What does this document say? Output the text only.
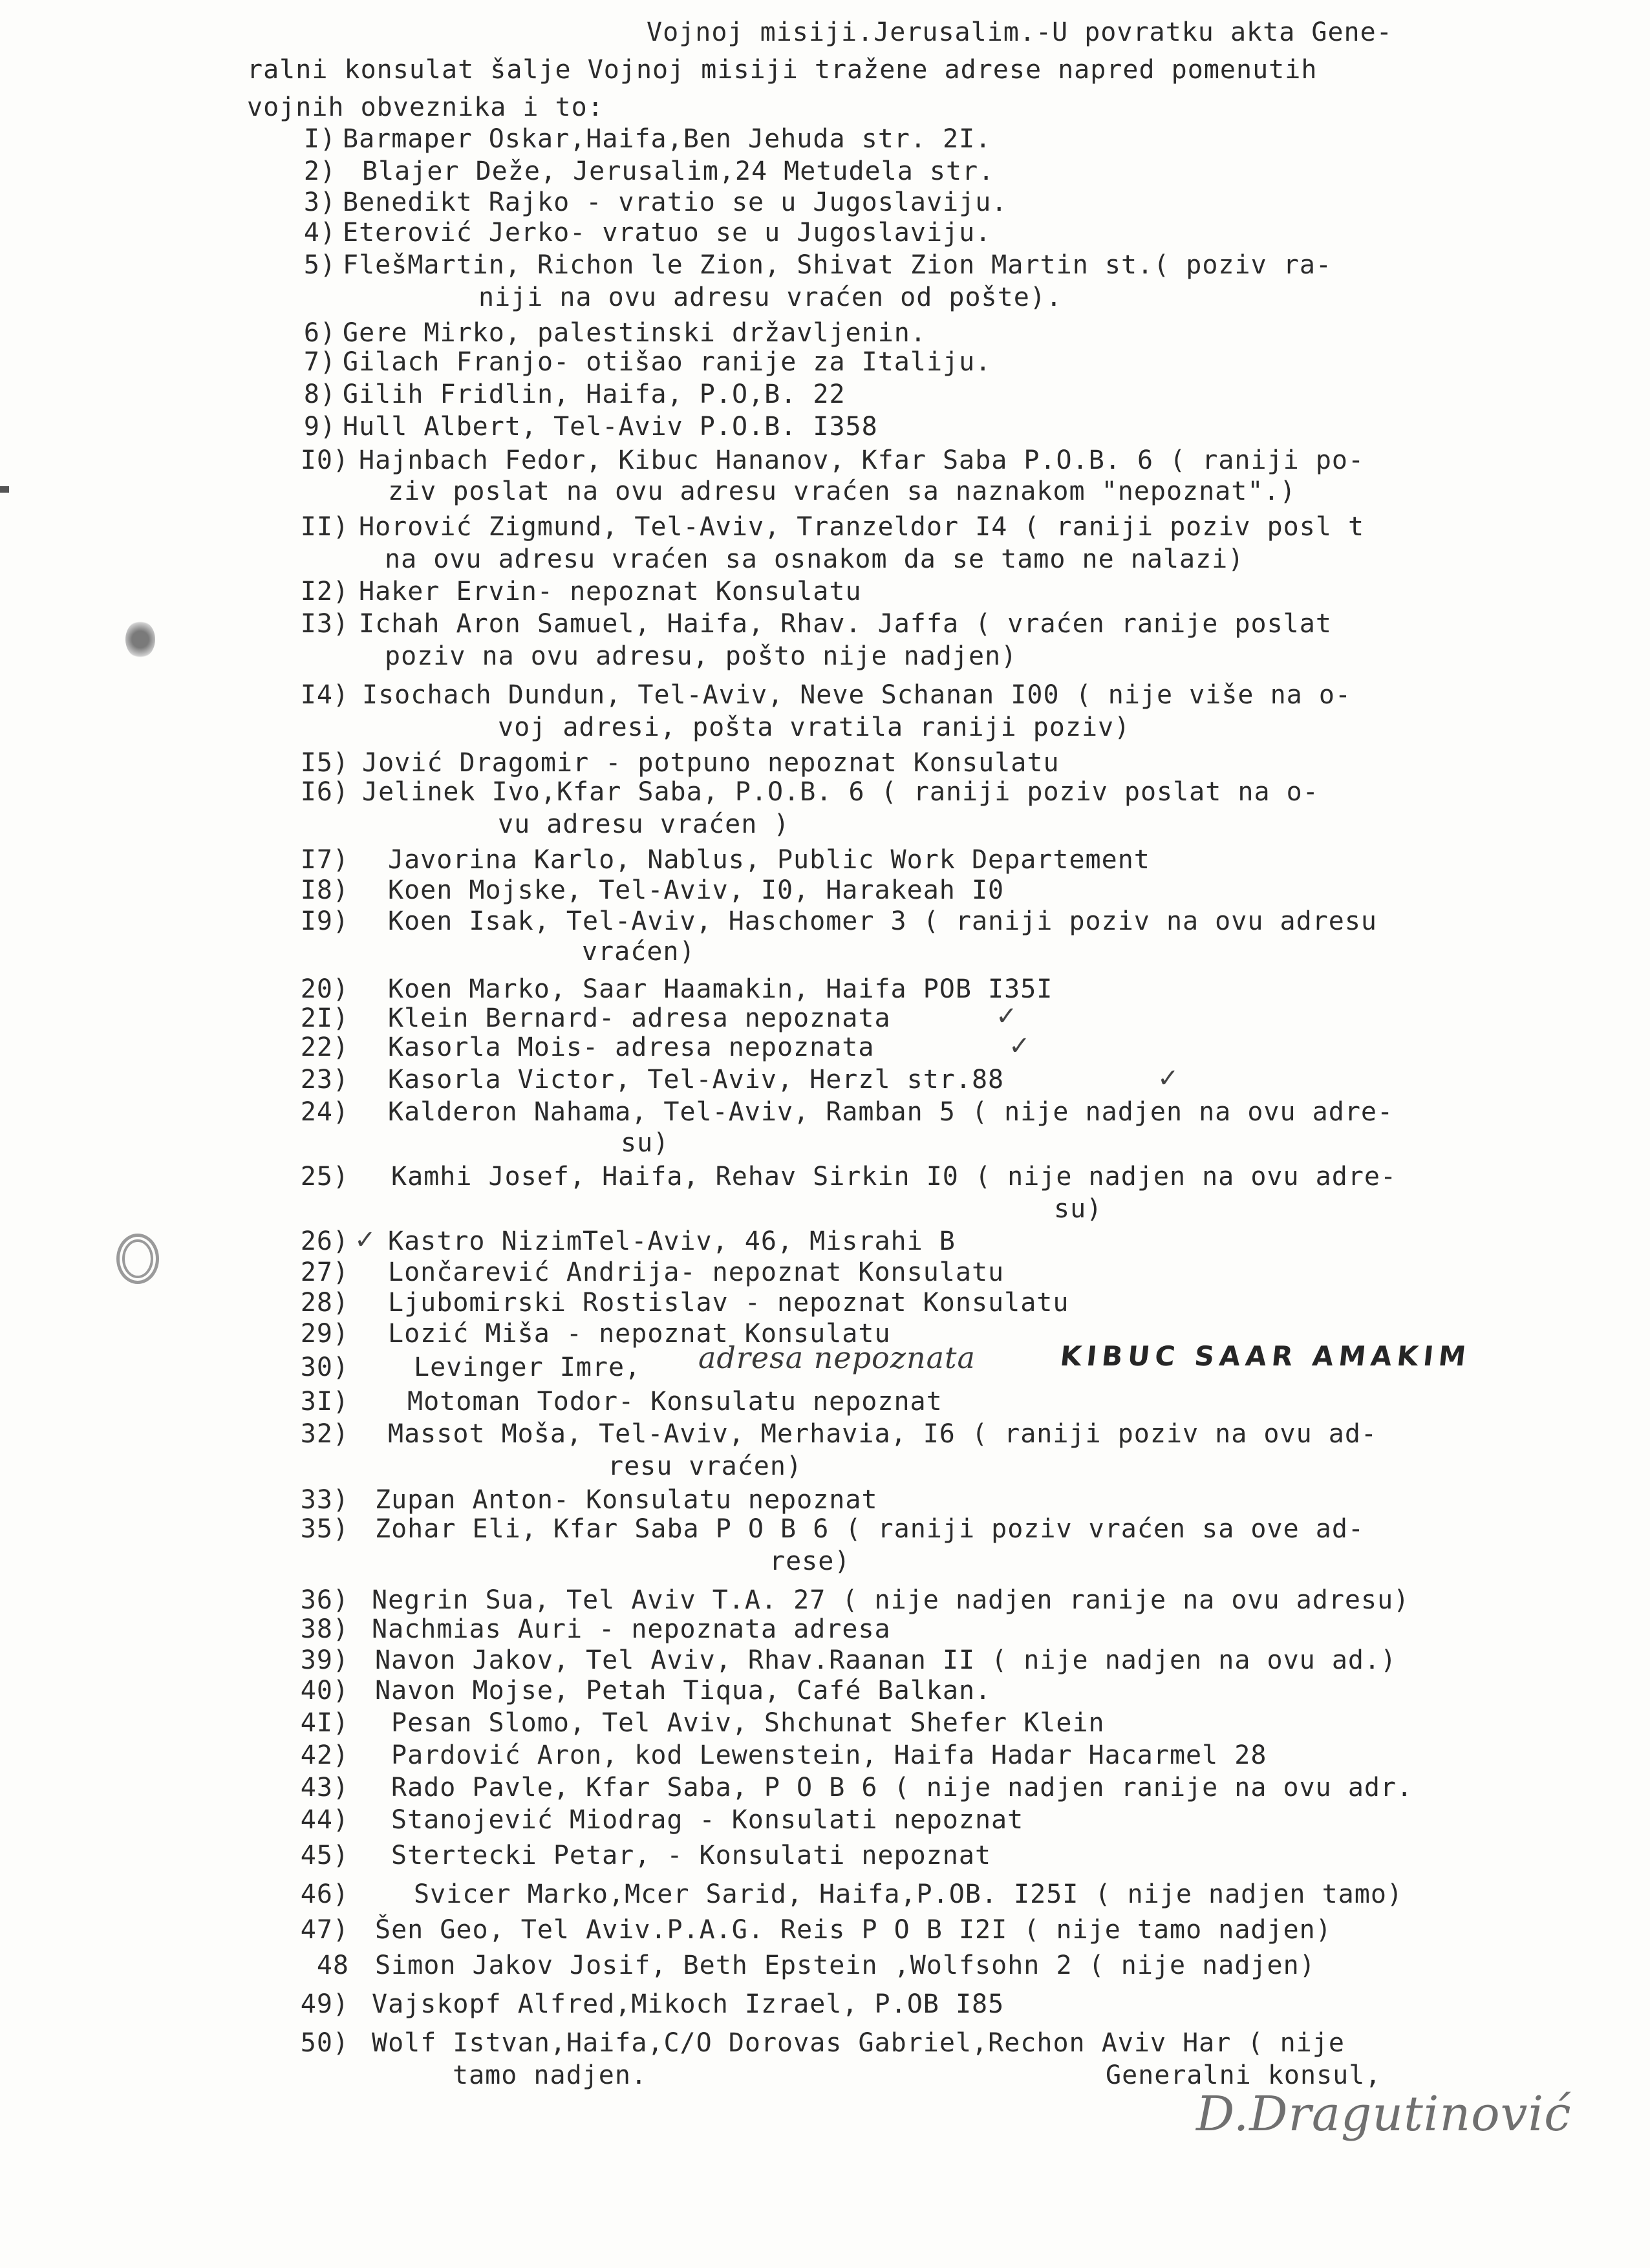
Vojnoj misiji.Jerusalim.-U povratku akta Gene-
ralni konsulat šalje Vojnoj misiji tražene adrese napred pomenutih
vojnih obveznika i to:
I) Barmaper Oskar,Haifa,Ben Jehuda str. 2I.
2) Blajer Deže, Jerusalim,24 Metudela str.
3) Benedikt Rajko - vratio se u Jugoslaviju.
4) Eterović Jerko- vratuo se u Jugoslaviju.
5) FlešMartin, Richon le Zion, Shivat Zion Martin st.( poziv ra-
niji na ovu adresu vraćen od pošte).
6) Gere Mirko, palestinski državljenin.
7) Gilach Franjo- otišao ranije za Italiju.
8) Gilih Fridlin, Haifa, P.O,B. 22
9) Hull Albert, Tel-Aviv P.O.B. I358
I0) Hajnbach Fedor, Kibuc Hananov, Kfar Saba P.O.B. 6 ( raniji po-
ziv poslat na ovu adresu vraćen sa naznakom "nepoznat".)
II) Horović Zigmund, Tel-Aviv, Tranzeldor I4 ( raniji poziv posl t
na ovu adresu vraćen sa osnakom da se tamo ne nalazi)
I2) Haker Ervin- nepoznat Konsulatu
I3) Ichah Aron Samuel, Haifa, Rhav. Jaffa ( vraćen ranije poslat
poziv na ovu adresu, pošto nije nadjen)
I4) Isochach Dundun, Tel-Aviv, Neve Schanan I00 ( nije više na o-
voj adresi, pošta vratila raniji poziv)
I5) Jović Dragomir - potpuno nepoznat Konsulatu
I6) Jelinek Ivo,Kfar Saba, P.O.B. 6 ( raniji poziv poslat na o-
vu adresu vraćen )
I7) Javorina Karlo, Nablus, Public Work Departement
I8) Koen Mojske, Tel-Aviv, I0, Harakeah I0
I9) Koen Isak, Tel-Aviv, Haschomer 3 ( raniji poziv na ovu adresu
vraćen)
20) Koen Marko, Saar Haamakin, Haifa POB I35I
2I) Klein Bernard- adresa nepoznata	✓
22) Kasorla Mois- adresa nepoznata	✓
23) Kasorla Victor, Tel-Aviv, Herzl str.88	✓
24) Kalderon Nahama, Tel-Aviv, Ramban 5 ( nije nadjen na ovu adre-
su)
25) Kamhi Josef, Haifa, Rehav Sirkin I0 ( nije nadjen na ovu adre-
su)
26) ✓ Kastro NizimTel-Aviv, 46, Misrahi B
27) Lončarević Andrija- nepoznat Konsulatu
28) Ljubomirski Rostislav - nepoznat Konsulatu
29) Lozić Miša - nepoznat Konsulatu
30)	Levinger Imre, adresa nepoznata	KIBUC SAAR AMAKIM
3I) Motoman Todor- Konsulatu nepoznat
32) Massot Moša, Tel-Aviv, Merhavia, I6 ( raniji poziv na ovu ad-
resu vraćen)
33) Zupan Anton- Konsulatu nepoznat
35) Zohar Eli, Kfar Saba P O B 6 ( raniji poziv vraćen sa ove ad-
rese)
36) Negrin Sua, Tel Aviv T.A. 27 ( nije nadjen ranije na ovu adresu)
38) Nachmias Auri - nepoznata adresa
39) Navon Jakov, Tel Aviv, Rhav.Raanan II ( nije nadjen na ovu ad.)
40) Navon Mojse, Petah Tiqua, Café Balkan.
4I) Pesan Slomo, Tel Aviv, Shchunat Shefer Klein
42) Pardović Aron, kod Lewenstein, Haifa Hadar Hacarmel 28
43) Rado Pavle, Kfar Saba, P O B 6 ( nije nadjen ranije na ovu adr.
44) Stanojević Miodrag - Konsulati nepoznat
45) Stertecki Petar, - Konsulati nepoznat
46)	Svicer Marko,Mcer Sarid, Haifa,P.OB. I25I ( nije nadjen tamo)
47) Šen Geo, Tel Aviv.P.A.G. Reis P O B I2I ( nije tamo nadjen)
48 Simon Jakov Josif, Beth Epstein ,Wolfsohn 2 ( nije nadjen)
49) Vajskopf Alfred,Mikoch Izrael, P.OB I85
50) Wolf Istvan,Haifa,C/O Dorovas Gabriel,Rechon Aviv Har ( nije
tamo nadjen.	Generalni konsul,
D.Dragutinović
